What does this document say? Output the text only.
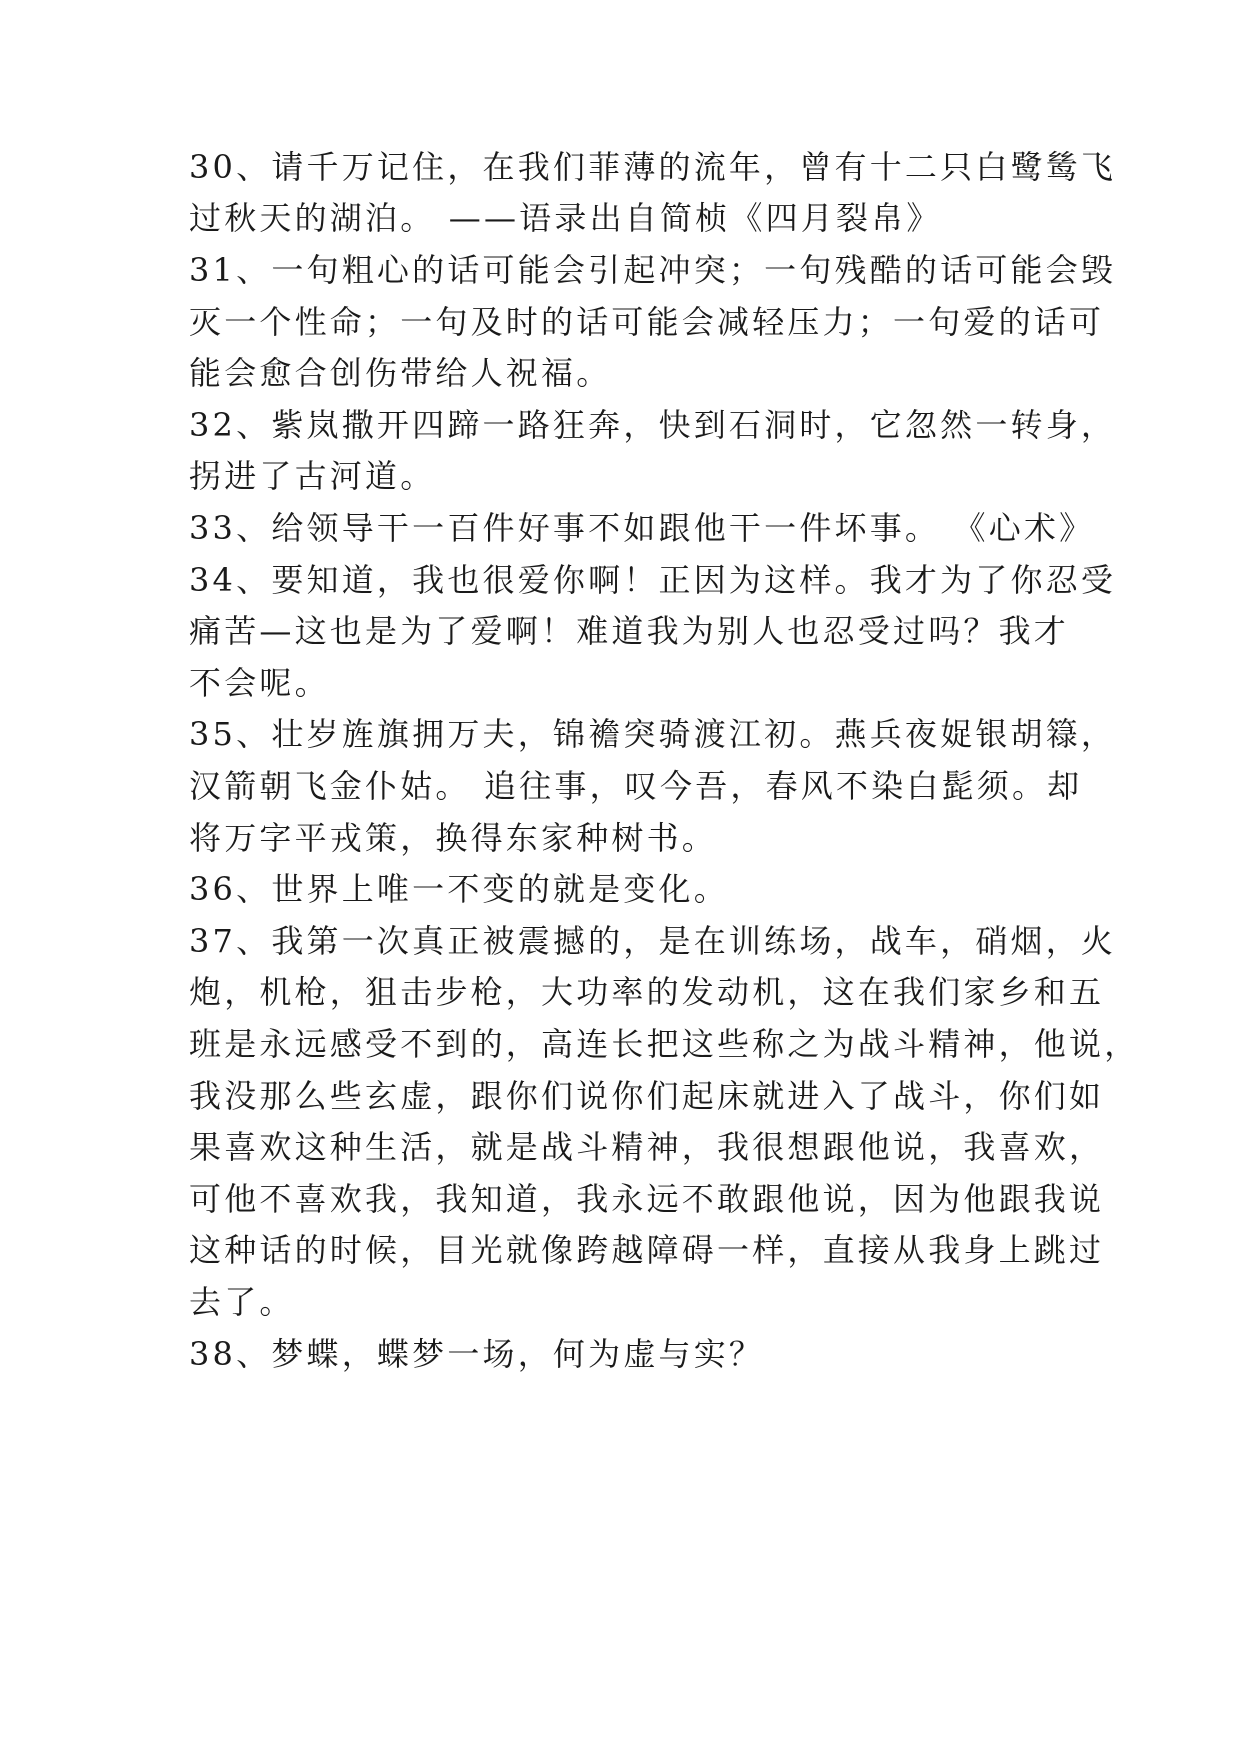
30、请千万记住，在我们菲薄的流年，曾有十二只白鹭鸶飞
过秋天的湖泊。 ——语录出自简桢《四月裂帛》
31、一句粗心的话可能会引起冲突；一句残酷的话可能会毁
灭一个性命；一句及时的话可能会减轻压力；一句爱的话可
能会愈合创伤带给人祝福。
32、紫岚撒开四蹄一路狂奔，快到石洞时，它忽然一转身，
拐进了古河道。
33、给领导干一百件好事不如跟他干一件坏事。 《心术》
34、要知道，我也很爱你啊！正因为这样。我才为了你忍受
痛苦—这也是为了爱啊！难道我为别人也忍受过吗？我才
不会呢。
35、壮岁旌旗拥万夫，锦襜突骑渡江初。燕兵夜娖银胡簶，
汉箭朝飞金仆姑。 追往事，叹今吾，春风不染白髭须。却
将万字平戎策，换得东家种树书。
36、世界上唯一不变的就是变化。
37、我第一次真正被震撼的，是在训练场，战车，硝烟，火
炮，机枪，狙击步枪，大功率的发动机，这在我们家乡和五
班是永远感受不到的，高连长把这些称之为战斗精神，他说，
我没那么些玄虚，跟你们说你们起床就进入了战斗，你们如
果喜欢这种生活，就是战斗精神，我很想跟他说，我喜欢，
可他不喜欢我，我知道，我永远不敢跟他说，因为他跟我说
这种话的时候，目光就像跨越障碍一样，直接从我身上跳过
去了。
38、梦蝶，蝶梦一场，何为虚与实？
